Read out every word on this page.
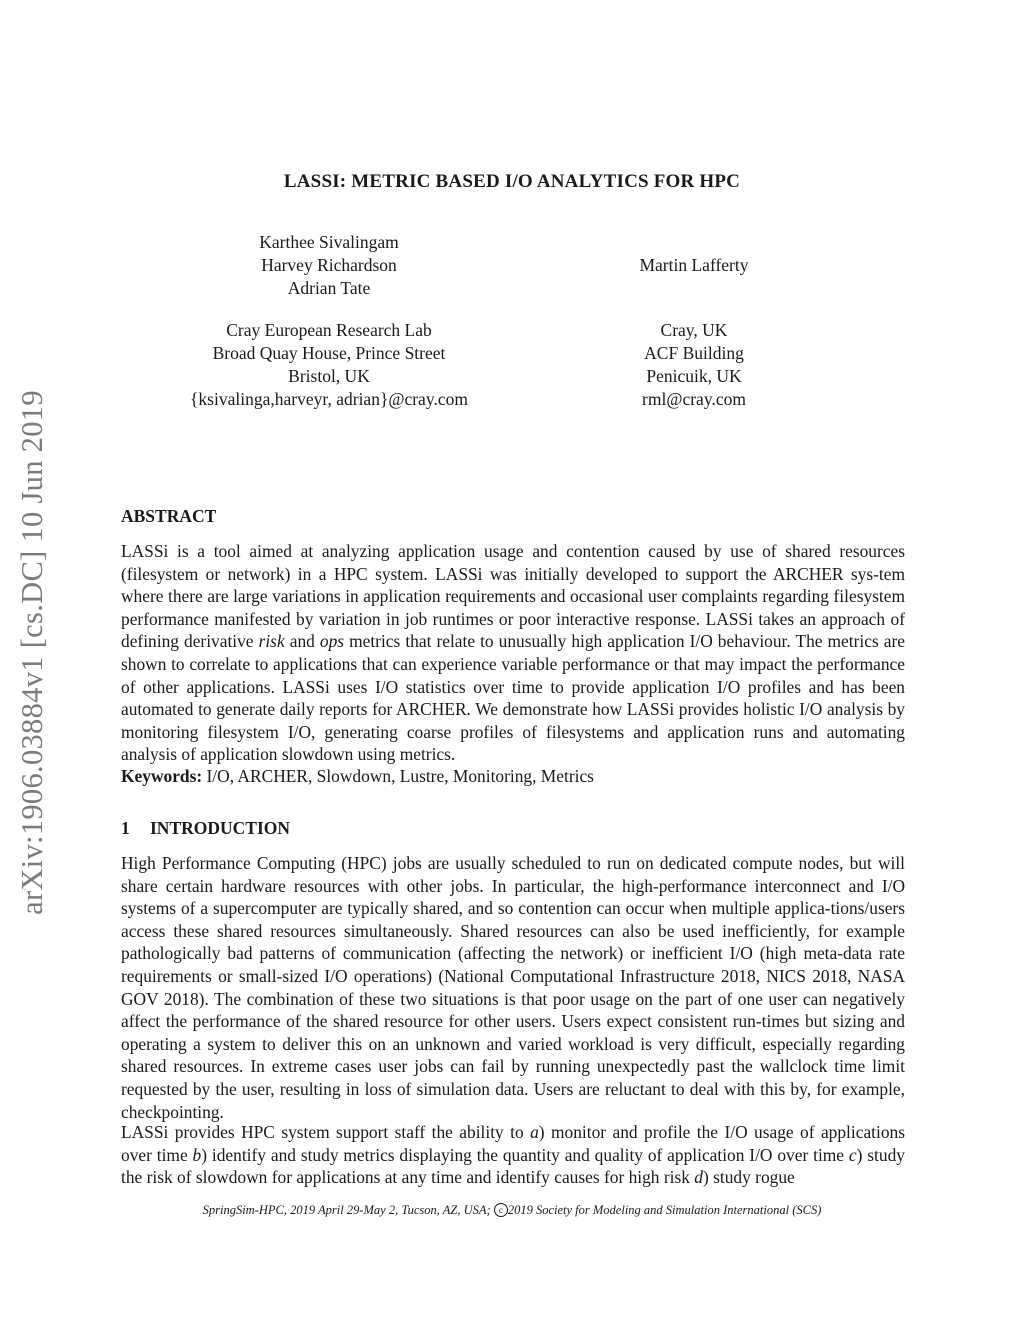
arXiv:1906.03884v1 [cs.DC] 10 Jun 2019
LASSI: METRIC BASED I/O ANALYTICS FOR HPC
Karthee Sivalingam
Harvey Richardson
Adrian Tate
Martin Lafferty
Cray European Research Lab
Broad Quay House, Prince Street
Bristol, UK
{ksivalinga,harveyr, adrian}@cray.com
Cray, UK
ACF Building
Penicuik, UK
rml@cray.com
ABSTRACT
LASSi is a tool aimed at analyzing application usage and contention caused by use of shared resources (filesystem or network) in a HPC system. LASSi was initially developed to support the ARCHER sys-tem where there are large variations in application requirements and occasional user complaints regarding filesystem performance manifested by variation in job runtimes or poor interactive response. LASSi takes an approach of defining derivative risk and ops metrics that relate to unusually high application I/O behaviour. The metrics are shown to correlate to applications that can experience variable performance or that may impact the performance of other applications. LASSi uses I/O statistics over time to provide application I/O profiles and has been automated to generate daily reports for ARCHER. We demonstrate how LASSi provides holistic I/O analysis by monitoring filesystem I/O, generating coarse profiles of filesystems and application runs and automating analysis of application slowdown using metrics.
Keywords: I/O, ARCHER, Slowdown, Lustre, Monitoring, Metrics
1 INTRODUCTION
High Performance Computing (HPC) jobs are usually scheduled to run on dedicated compute nodes, but will share certain hardware resources with other jobs. In particular, the high-performance interconnect and I/O systems of a supercomputer are typically shared, and so contention can occur when multiple applica-tions/users access these shared resources simultaneously. Shared resources can also be used inefficiently, for example pathologically bad patterns of communication (affecting the network) or inefficient I/O (high meta-data rate requirements or small-sized I/O operations) (National Computational Infrastructure 2018, NICS 2018, NASA GOV 2018). The combination of these two situations is that poor usage on the part of one user can negatively affect the performance of the shared resource for other users. Users expect consistent run-times but sizing and operating a system to deliver this on an unknown and varied workload is very difficult, especially regarding shared resources. In extreme cases user jobs can fail by running unexpectedly past the wallclock time limit requested by the user, resulting in loss of simulation data. Users are reluctant to deal with this by, for example, checkpointing.
LASSi provides HPC system support staff the ability to a) monitor and profile the I/O usage of applications over time b) identify and study metrics displaying the quantity and quality of application I/O over time c) study the risk of slowdown for applications at any time and identify causes for high risk d) study rogue
SpringSim-HPC, 2019 April 29-May 2, Tucson, AZ, USA; c 2019 Society for Modeling and Simulation International (SCS)
